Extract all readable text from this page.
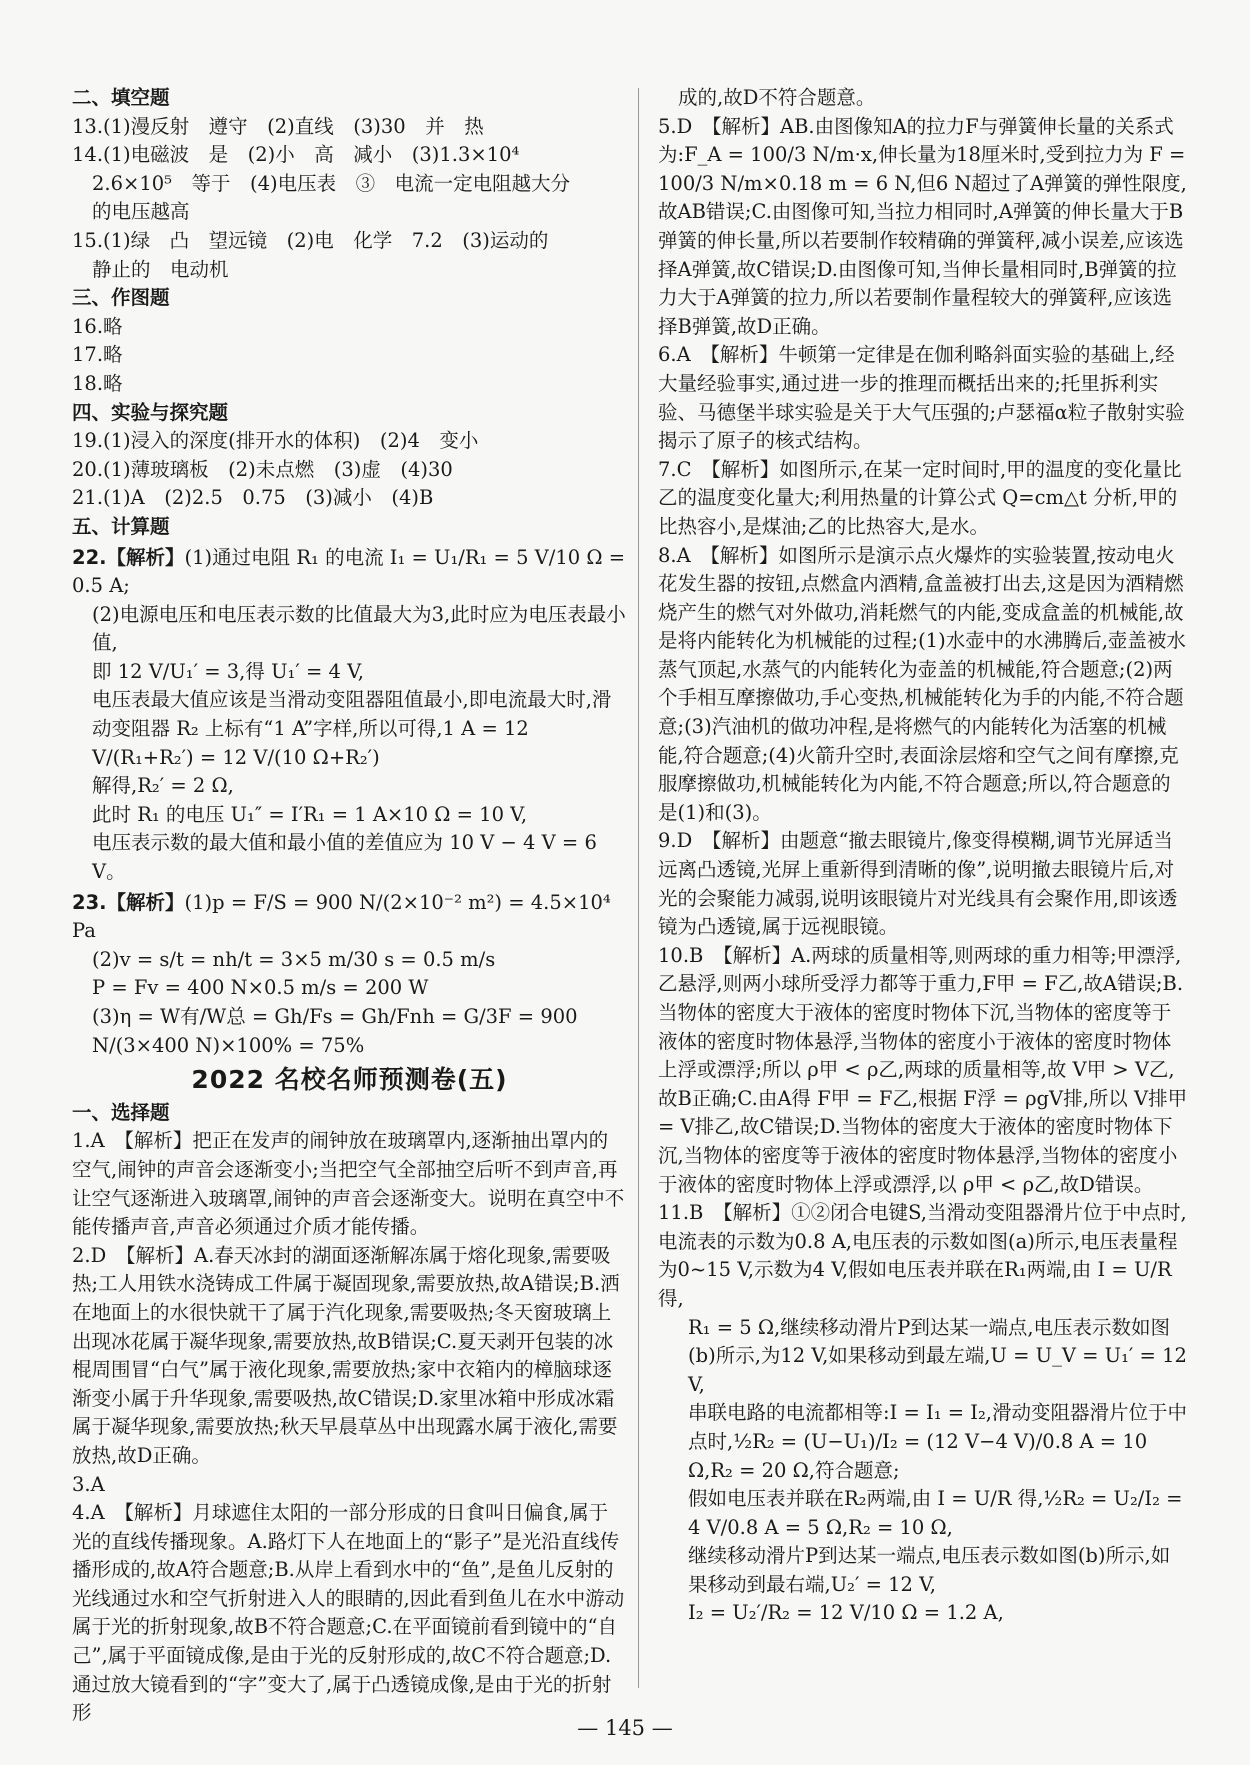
二、填空题

13.(1)漫反射　遵守　(2)直线　(3)30　并　热

14.(1)电磁波　是　(2)小　高　减小　(3)1.3×10⁴

2.6×10⁵　等于　(4)电压表　③　电流一定电阻越大分

的电压越高

15.(1)绿　凸　望远镜　(2)电　化学　7.2　(3)运动的

静止的　电动机

三、作图题

16.略

17.略

18.略

四、实验与探究题

19.(1)浸入的深度(排开水的体积)　(2)4　变小

20.(1)薄玻璃板　(2)未点燃　(3)虚　(4)30

21.(1)A　(2)2.5　0.75　(3)减小　(4)B

五、计算题

22.【解析】(1)通过电阻 R₁ 的电流 I₁ = U₁/R₁ = 5 V/10 Ω = 0.5 A;

(2)电源电压和电压表示数的比值最大为3,此时应为电压表最小值,

即 12 V/U₁′ = 3,得 U₁′ = 4 V,

电压表最大值应该是当滑动变阻器阻值最小,即电流最大时,滑动变阻器 R₂ 上标有“1 A”字样,所以可得,1 A = 12 V/(R₁+R₂′) = 12 V/(10 Ω+R₂′)

解得,R₂′ = 2 Ω,

此时 R₁ 的电压 U₁″ = I′R₁ = 1 A×10 Ω = 10 V,

电压表示数的最大值和最小值的差值应为 10 V − 4 V = 6 V。

23.【解析】(1)p = F/S = 900 N/(2×10⁻² m²) = 4.5×10⁴ Pa

(2)v = s/t = nh/t = 3×5 m/30 s = 0.5 m/s

P = Fv = 400 N×0.5 m/s = 200 W

(3)η = W有/W总 = Gh/Fs = Gh/Fnh = G/3F = 900 N/(3×400 N)×100% = 75%

2022 名校名师预测卷(五)

一、选择题

1.A　【解析】把正在发声的闹钟放在玻璃罩内,逐渐抽出罩内的空气,闹钟的声音会逐渐变小;当把空气全部抽空后听不到声音,再让空气逐渐进入玻璃罩,闹钟的声音会逐渐变大。说明在真空中不能传播声音,声音必须通过介质才能传播。

2.D　【解析】A.春天冰封的湖面逐渐解冻属于熔化现象,需要吸热;工人用铁水浇铸成工件属于凝固现象,需要放热,故A错误;B.洒在地面上的水很快就干了属于汽化现象,需要吸热;冬天窗玻璃上出现冰花属于凝华现象,需要放热,故B错误;C.夏天剥开包装的冰棍周围冒“白气”属于液化现象,需要放热;家中衣箱内的樟脑球逐渐变小属于升华现象,需要吸热,故C错误;D.家里冰箱中形成冰霜属于凝华现象,需要放热;秋天早晨草丛中出现露水属于液化,需要放热,故D正确。

3.A

4.A　【解析】月球遮住太阳的一部分形成的日食叫日偏食,属于光的直线传播现象。A.路灯下人在地面上的“影子”是光沿直线传播形成的,故A符合题意;B.从岸上看到水中的“鱼”,是鱼儿反射的光线通过水和空气折射进入人的眼睛的,因此看到鱼儿在水中游动属于光的折射现象,故B不符合题意;C.在平面镜前看到镜中的“自己”,属于平面镜成像,是由于光的反射形成的,故C不符合题意;D.通过放大镜看到的“字”变大了,属于凸透镜成像,是由于光的折射形

成的,故D不符合题意。

5.D　【解析】AB.由图像知A的拉力F与弹簧伸长量的关系式为:F_A = 100/3 N/m·x,伸长量为18厘米时,受到拉力为 F = 100/3 N/m×0.18 m = 6 N,但6 N超过了A弹簧的弹性限度,故AB错误;C.由图像可知,当拉力相同时,A弹簧的伸长量大于B弹簧的伸长量,所以若要制作较精确的弹簧秤,减小误差,应该选择A弹簧,故C错误;D.由图像可知,当伸长量相同时,B弹簧的拉力大于A弹簧的拉力,所以若要制作量程较大的弹簧秤,应该选择B弹簧,故D正确。

6.A　【解析】牛顿第一定律是在伽利略斜面实验的基础上,经大量经验事实,通过进一步的推理而概括出来的;托里拆利实验、马德堡半球实验是关于大气压强的;卢瑟福α粒子散射实验揭示了原子的核式结构。

7.C　【解析】如图所示,在某一定时间时,甲的温度的变化量比乙的温度变化量大;利用热量的计算公式 Q=cm△t 分析,甲的比热容小,是煤油;乙的比热容大,是水。

8.A　【解析】如图所示是演示点火爆炸的实验装置,按动电火花发生器的按钮,点燃盒内酒精,盒盖被打出去,这是因为酒精燃烧产生的燃气对外做功,消耗燃气的内能,变成盒盖的机械能,故是将内能转化为机械能的过程;(1)水壶中的水沸腾后,壶盖被水蒸气顶起,水蒸气的内能转化为壶盖的机械能,符合题意;(2)两个手相互摩擦做功,手心变热,机械能转化为手的内能,不符合题意;(3)汽油机的做功冲程,是将燃气的内能转化为活塞的机械能,符合题意;(4)火箭升空时,表面涂层熔和空气之间有摩擦,克服摩擦做功,机械能转化为内能,不符合题意;所以,符合题意的是(1)和(3)。

9.D　【解析】由题意“撤去眼镜片,像变得模糊,调节光屏适当远离凸透镜,光屏上重新得到清晰的像”,说明撤去眼镜片后,对光的会聚能力减弱,说明该眼镜片对光线具有会聚作用,即该透镜为凸透镜,属于远视眼镜。

10.B　【解析】A.两球的质量相等,则两球的重力相等;甲漂浮,乙悬浮,则两小球所受浮力都等于重力,F甲 = F乙,故A错误;B.当物体的密度大于液体的密度时物体下沉,当物体的密度等于液体的密度时物体悬浮,当物体的密度小于液体的密度时物体上浮或漂浮;所以 ρ甲 < ρ乙,两球的质量相等,故 V甲 > V乙,故B正确;C.由A得 F甲 = F乙,根据 F浮 = ρgV排,所以 V排甲 = V排乙,故C错误;D.当物体的密度大于液体的密度时物体下沉,当物体的密度等于液体的密度时物体悬浮,当物体的密度小于液体的密度时物体上浮或漂浮,以 ρ甲 < ρ乙,故D错误。

11.B　【解析】①②闭合电键S,当滑动变阻器滑片位于中点时,电流表的示数为0.8 A,电压表的示数如图(a)所示,电压表量程为0~15 V,示数为4 V,假如电压表并联在R₁两端,由 I = U/R 得,

R₁ = 5 Ω,继续移动滑片P到达某一端点,电压表示数如图(b)所示,为12 V,如果移动到最左端,U = U_V = U₁′ = 12 V,

串联电路的电流都相等:I = I₁ = I₂,滑动变阻器滑片位于中点时,½R₂ = (U−U₁)/I₂ = (12 V−4 V)/0.8 A = 10 Ω,R₂ = 20 Ω,符合题意;

假如电压表并联在R₂两端,由 I = U/R 得,½R₂ = U₂/I₂ = 4 V/0.8 A = 5 Ω,R₂ = 10 Ω,

继续移动滑片P到达某一端点,电压表示数如图(b)所示,如果移动到最右端,U₂′ = 12 V,

I₂ = U₂′/R₂ = 12 V/10 Ω = 1.2 A,

— 145 —
